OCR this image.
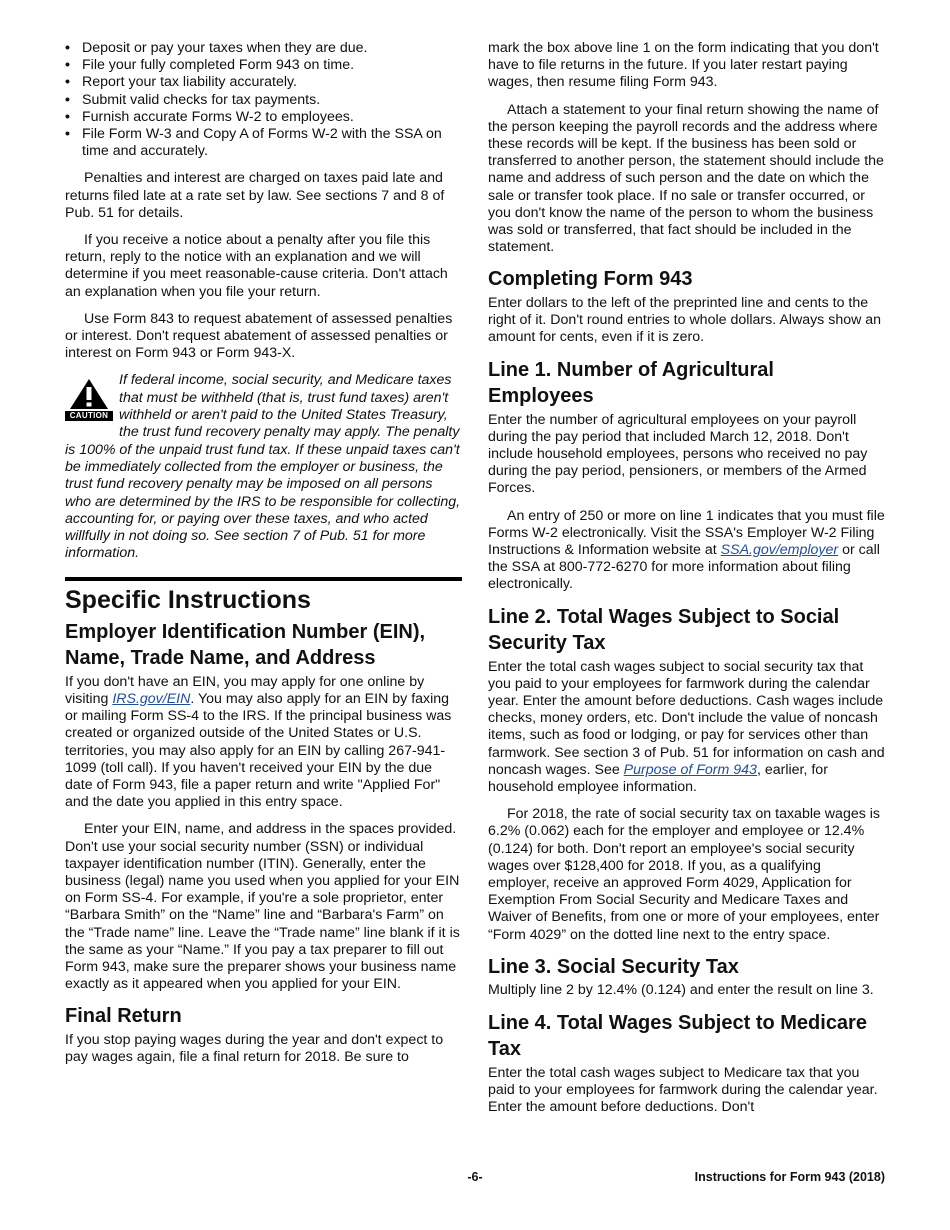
• Deposit or pay your taxes when they are due.
• File your fully completed Form 943 on time.
• Report your tax liability accurately.
• Submit valid checks for tax payments.
• Furnish accurate Forms W-2 to employees.
• File Form W-3 and Copy A of Forms W-2 with the SSA on time and accurately.

Penalties and interest are charged on taxes paid late and returns filed late at a rate set by law. See sections 7 and 8 of Pub. 51 for details.

If you receive a notice about a penalty after you file this return, reply to the notice with an explanation and we will determine if you meet reasonable-cause criteria. Don't attach an explanation when you file your return.

Use Form 843 to request abatement of assessed penalties or interest. Don't request abatement of assessed penalties or interest on Form 943 or Form 943-X.

CAUTION
If federal income, social security, and Medicare taxes that must be withheld (that is, trust fund taxes) aren't withheld or aren't paid to the United States Treasury, the trust fund recovery penalty may apply. The penalty is 100% of the unpaid trust fund tax. If these unpaid taxes can't be immediately collected from the employer or business, the trust fund recovery penalty may be imposed on all persons who are determined by the IRS to be responsible for collecting, accounting for, or paying over these taxes, and who acted willfully in not doing so. See section 7 of Pub. 51 for more information.
Specific Instructions
Employer Identification Number (EIN), Name, Trade Name, and Address

If you don't have an EIN, you may apply for one online by visiting IRS.gov/EIN. You may also apply for an EIN by faxing or mailing Form SS-4 to the IRS. If the principal business was created or organized outside of the United States or U.S. territories, you may also apply for an EIN by calling 267-941-1099 (toll call). If you haven't received your EIN by the due date of Form 943, file a paper return and write "Applied For" and the date you applied in this entry space.

Enter your EIN, name, and address in the spaces provided. Don't use your social security number (SSN) or individual taxpayer identification number (ITIN). Generally, enter the business (legal) name you used when you applied for your EIN on Form SS-4. For example, if you're a sole proprietor, enter “Barbara Smith” on the “Name” line and “Barbara's Farm” on the “Trade name” line. Leave the “Trade name” line blank if it is the same as your “Name.” If you pay a tax preparer to fill out Form 943, make sure the preparer shows your business name exactly as it appeared when you applied for your EIN.

Final Return

If you stop paying wages during the year and don't expect to pay wages again, file a final return for 2018. Be sure to

mark the box above line 1 on the form indicating that you don't have to file returns in the future. If you later restart paying wages, then resume filing Form 943.

Attach a statement to your final return showing the name of the person keeping the payroll records and the address where these records will be kept. If the business has been sold or transferred to another person, the statement should include the name and address of such person and the date on which the sale or transfer took place. If no sale or transfer occurred, or you don't know the name of the person to whom the business was sold or transferred, that fact should be included in the statement.

Completing Form 943

Enter dollars to the left of the preprinted line and cents to the right of it. Don't round entries to whole dollars. Always show an amount for cents, even if it is zero.

Line 1. Number of Agricultural Employees

Enter the number of agricultural employees on your payroll during the pay period that included March 12, 2018. Don't include household employees, persons who received no pay during the pay period, pensioners, or members of the Armed Forces.

An entry of 250 or more on line 1 indicates that you must file Forms W-2 electronically. Visit the SSA's Employer W-2 Filing Instructions & Information website at SSA.gov/employer or call the SSA at 800-772-6270 for more information about filing electronically.

Line 2. Total Wages Subject to Social Security Tax

Enter the total cash wages subject to social security tax that you paid to your employees for farmwork during the calendar year. Enter the amount before deductions. Cash wages include checks, money orders, etc. Don't include the value of noncash items, such as food or lodging, or pay for services other than farmwork. See section 3 of Pub. 51 for information on cash and noncash wages. See Purpose of Form 943, earlier, for household employee information.

For 2018, the rate of social security tax on taxable wages is 6.2% (0.062) each for the employer and employee or 12.4% (0.124) for both. Don't report an employee's social security wages over $128,400 for 2018. If you, as a qualifying employer, receive an approved Form 4029, Application for Exemption From Social Security and Medicare Taxes and Waiver of Benefits, from one or more of your employees, enter “Form 4029” on the dotted line next to the entry space.

Line 3. Social Security Tax

Multiply line 2 by 12.4% (0.124) and enter the result on line 3.

Line 4. Total Wages Subject to Medicare Tax

Enter the total cash wages subject to Medicare tax that you paid to your employees for farmwork during the calendar year. Enter the amount before deductions. Don't

-6-	Instructions for Form 943 (2018)
